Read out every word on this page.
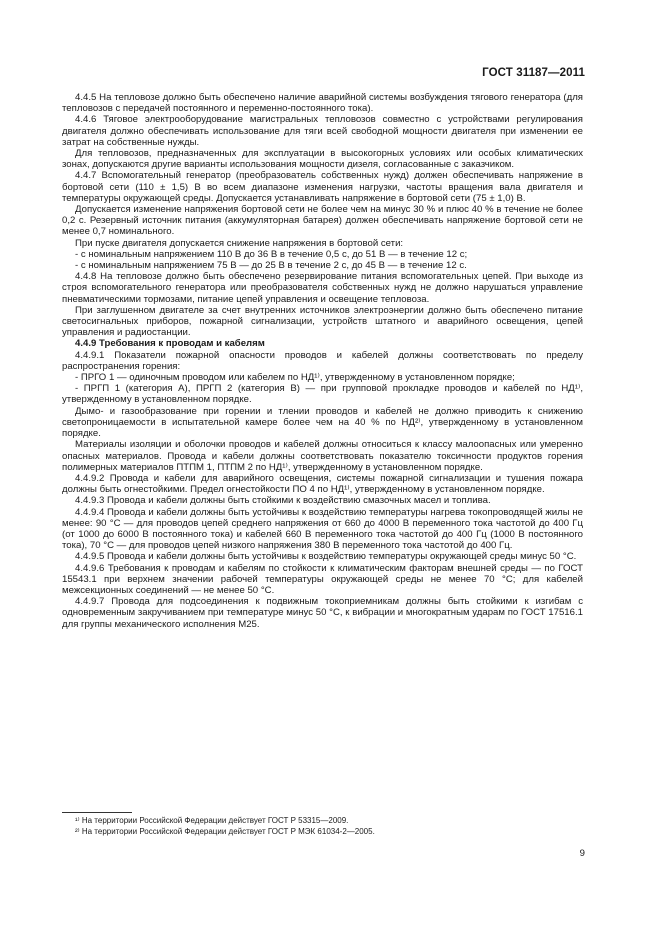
ГОСТ 31187—2011

4.4.5 На тепловозе должно быть обеспечено наличие аварийной системы возбуждения тягового генератора (для тепловозов с передачей постоянного и переменно-постоянного тока).

4.4.6 Тяговое электрооборудование магистральных тепловозов совместно с устройствами регулирования двигателя должно обеспечивать использование для тяги всей свободной мощности двигателя при изменении ее затрат на собственные нужды.

Для тепловозов, предназначенных для эксплуатации в высокогорных условиях или особых климатических зонах, допускаются другие варианты использования мощности дизеля, согласованные с заказчиком.

4.4.7 Вспомогательный генератор (преобразователь собственных нужд) должен обеспечивать напряжение в бортовой сети (110 ± 1,5) В во всем диапазоне изменения нагрузки, частоты вращения вала двигателя и температуры окружающей среды. Допускается устанавливать напряжение в бортовой сети (75 ± 1,0) В.

Допускается изменение напряжения бортовой сети не более чем на минус 30 % и плюс 40 % в течение не более 0,2 с. Резервный источник питания (аккумуляторная батарея) должен обеспечивать напряжение бортовой сети не менее 0,7 номинального.

При пуске двигателя допускается снижение напряжения в бортовой сети:

- с номинальным напряжением 110 В до 36 В в течение 0,5 с, до 51 В — в течение 12 с;

- с номинальным напряжением 75 В — до 25 В в течение 2 с, до 45 В — в течение 12 с.

4.4.8 На тепловозе должно быть обеспечено резервирование питания вспомогательных цепей. При выходе из строя вспомогательного генератора или преобразователя собственных нужд не должно нарушаться управление пневматическими тормозами, питание цепей управления и освещение тепловоза.

При заглушенном двигателе за счет внутренних источников электроэнергии должно быть обеспечено питание светосигнальных приборов, пожарной сигнализации, устройств штатного и аварийного освещения, цепей управления и радиостанции.

4.4.9 Требования к проводам и кабелям

4.4.9.1 Показатели пожарной опасности проводов и кабелей должны соответствовать по пределу распространения горения:

- ПРГО 1 — одиночным проводом или кабелем по НД¹⁾, утвержденному в установленном порядке;

- ПРГП 1 (категория А), ПРГП 2 (категория В) — при групповой прокладке проводов и кабелей по НД¹⁾, утвержденному в установленном порядке.

Дымо- и газообразование при горении и тлении проводов и кабелей не должно приводить к снижению светопроницаемости в испытательной камере более чем на 40 % по НД²⁾, утвержденному в установленном порядке.

Материалы изоляции и оболочки проводов и кабелей должны относиться к классу малоопасных или умеренно опасных материалов. Провода и кабели должны соответствовать показателю токсичности продуктов горения полимерных материалов ПТПМ 1, ПТПМ 2 по НД¹⁾, утвержденному в установленном порядке.

4.4.9.2 Провода и кабели для аварийного освещения, системы пожарной сигнализации и тушения пожара должны быть огнестойкими. Предел огнестойкости ПО 4 по НД¹⁾, утвержденному в установленном порядке.

4.4.9.3 Провода и кабели должны быть стойкими к воздействию смазочных масел и топлива.

4.4.9.4 Провода и кабели должны быть устойчивы к воздействию температуры нагрева токопроводящей жилы не менее: 90 °С — для проводов цепей среднего напряжения от 660 до 4000 В переменного тока частотой до 400 Гц (от 1000 до 6000 В постоянного тока) и кабелей 660 В переменного тока частотой до 400 Гц (1000 В постоянного тока), 70 °С — для проводов цепей низкого напряжения 380 В переменного тока частотой до 400 Гц.

4.4.9.5 Провода и кабели должны быть устойчивы к воздействию температуры окружающей среды минус 50 °С.

4.4.9.6 Требования к проводам и кабелям по стойкости к климатическим факторам внешней среды — по ГОСТ 15543.1 при верхнем значении рабочей температуры окружающей среды не менее 70 °С; для кабелей межсекционных соединений — не менее 50 °С.

4.4.9.7 Провода для подсоединения к подвижным токоприемникам должны быть стойкими к изгибам с одновременным закручиванием при температуре минус 50 °С, к вибрации и многократным ударам по ГОСТ 17516.1 для группы механического исполнения М25.

¹⁾ На территории Российской Федерации действует ГОСТ Р 53315—2009.

²⁾ На территории Российской Федерации действует ГОСТ Р МЭК 61034-2—2005.

9
